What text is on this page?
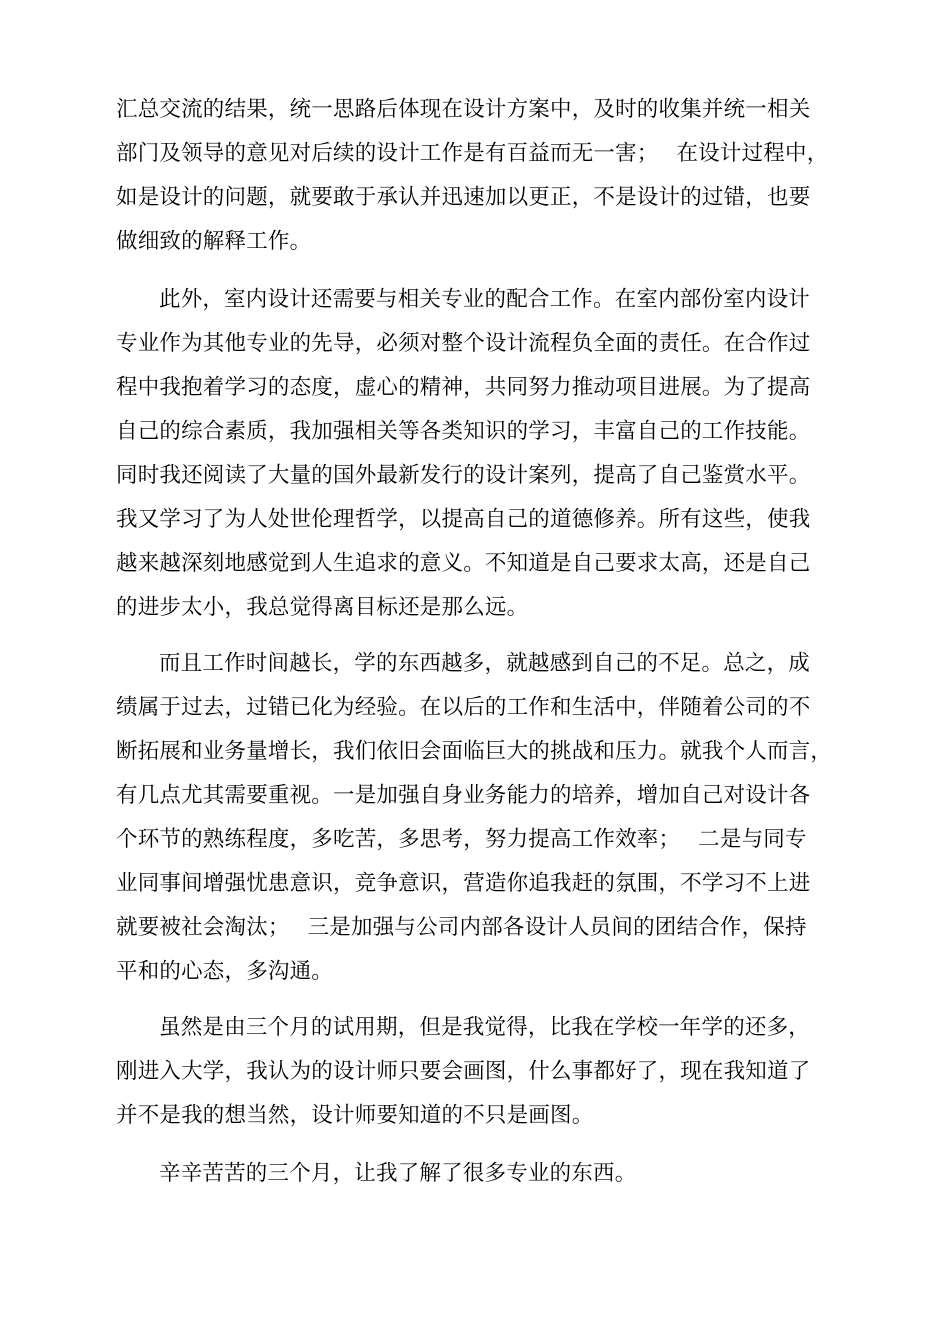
汇总交流的结果，统一思路后体现在设计方案中，及时的收集并统一相关
部门及领导的意见对后续的设计工作是有百益而无一害；　 在设计过程中，
如是设计的问题，就要敢于承认并迅速加以更正，不是设计的过错，也要
做细致的解释工作。
此外，室内设计还需要与相关专业的配合工作。在室内部份室内设计
专业作为其他专业的先导，必须对整个设计流程负全面的责任。在合作过
程中我抱着学习的态度，虚心的精神，共同努力推动项目进展。为了提高
自己的综合素质，我加强相关等各类知识的学习，丰富自己的工作技能。
同时我还阅读了大量的国外最新发行的设计案列，提高了自己鉴赏水平。
我又学习了为人处世伦理哲学，以提高自己的道德修养。所有这些，使我
越来越深刻地感觉到人生追求的意义。不知道是自己要求太高，还是自己
的进步太小，我总觉得离目标还是那么远。
而且工作时间越长，学的东西越多，就越感到自己的不足。总之，成
绩属于过去，过错已化为经验。在以后的工作和生活中，伴随着公司的不
断拓展和业务量增长，我们依旧会面临巨大的挑战和压力。就我个人而言，
有几点尤其需要重视。一是加强自身业务能力的培养，增加自己对设计各
个环节的熟练程度，多吃苦，多思考，努力提高工作效率；　 二是与同专
业同事间增强忧患意识，竞争意识，营造你追我赶的氛围，不学习不上进
就要被社会淘汰；　 三是加强与公司内部各设计人员间的团结合作，保持
平和的心态，多沟通。
虽然是由三个月的试用期，但是我觉得，比我在学校一年学的还多，
刚进入大学，我认为的设计师只要会画图，什么事都好了，现在我知道了
并不是我的想当然，设计师要知道的不只是画图。
辛辛苦苦的三个月，让我了解了很多专业的东西。
